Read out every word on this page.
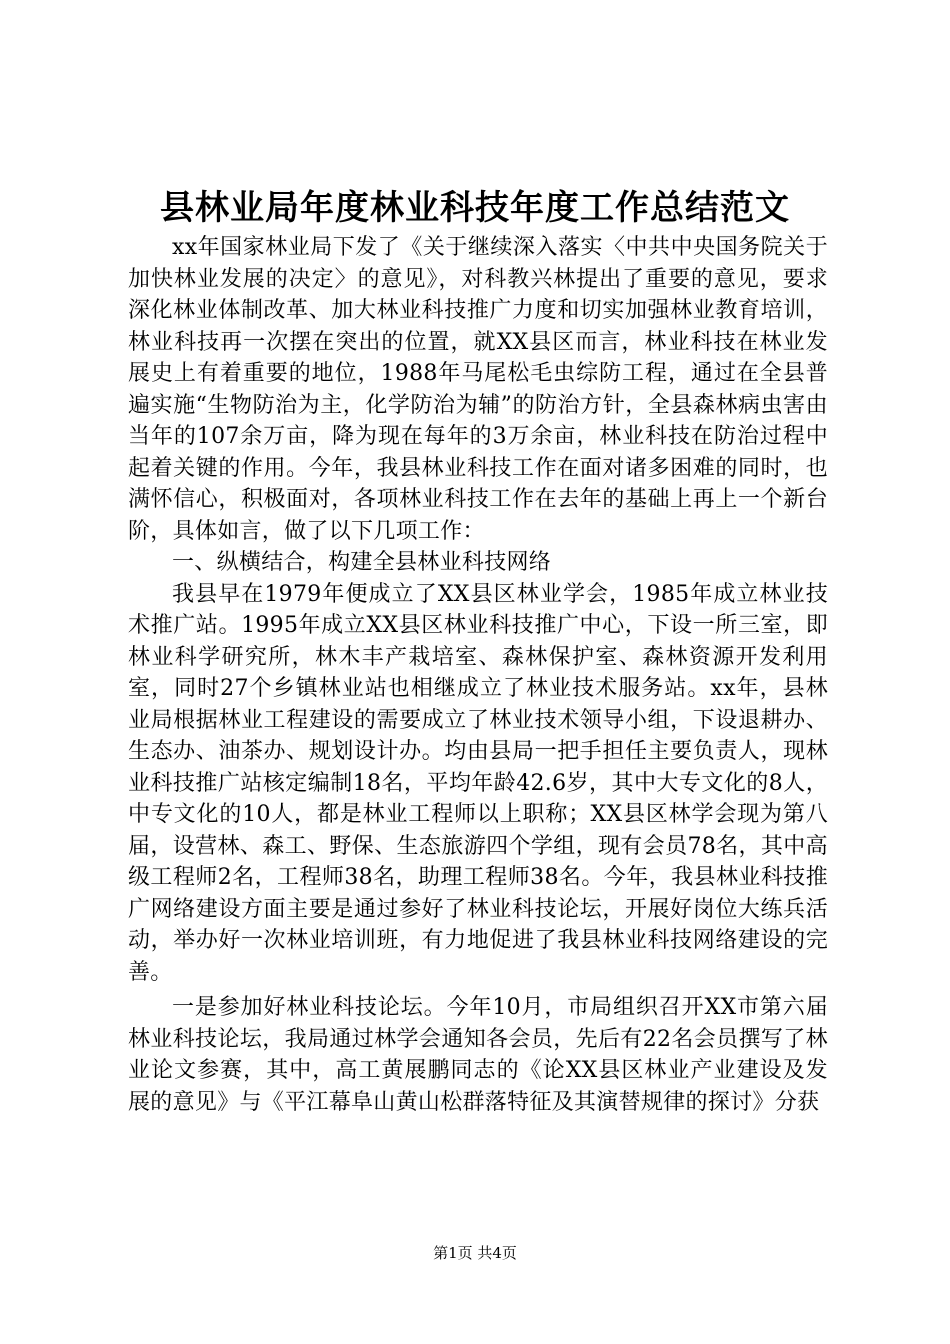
县林业局年度林业科技年度工作总结范文

xx年国家林业局下发了《关于继续深入落实〈中共中央国务院关于加快林业发展的决定〉的意见》，对科教兴林提出了重要的意见，要求深化林业体制改革、加大林业科技推广力度和切实加强林业教育培训，林业科技再一次摆在突出的位置，就XX县区而言，林业科技在林业发展史上有着重要的地位，1988年马尾松毛虫综防工程，通过在全县普遍实施“生物防治为主，化学防治为辅”的防治方针，全县森林病虫害由当年的107余万亩，降为现在每年的3万余亩，林业科技在防治过程中起着关键的作用。今年，我县林业科技工作在面对诸多困难的同时，也满怀信心，积极面对，各项林业科技工作在去年的基础上再上一个新台阶，具体如言，做了以下几项工作：

一、纵横结合，构建全县林业科技网络

我县早在1979年便成立了XX县区林业学会，1985年成立林业技术推广站。1995年成立XX县区林业科技推广中心，下设一所三室，即林业科学研究所，林木丰产栽培室、森林保护室、森林资源开发利用室，同时27个乡镇林业站也相继成立了林业技术服务站。xx年，县林业局根据林业工程建设的需要成立了林业技术领导小组，下设退耕办、生态办、油茶办、规划设计办。均由县局一把手担任主要负责人，现林业科技推广站核定编制18名，平均年龄42.6岁，其中大专文化的8人，中专文化的10人，都是林业工程师以上职称；XX县区林学会现为第八届，设营林、森工、野保、生态旅游四个学组，现有会员78名，其中高级工程师2名，工程师38名，助理工程师38名。今年，我县林业科技推广网络建设方面主要是通过参好了林业科技论坛，开展好岗位大练兵活动，举办好一次林业培训班，有力地促进了我县林业科技网络建设的完善。

一是参加好林业科技论坛。今年10月，市局组织召开XX市第六届林业科技论坛，我局通过林学会通知各会员，先后有22名会员撰写了林业论文参赛，其中，高工黄展鹏同志的《论XX县区林业产业建设及发展的意见》与《平江幕阜山黄山松群落特征及其演替规律的探讨》分获

第1页 共4页
